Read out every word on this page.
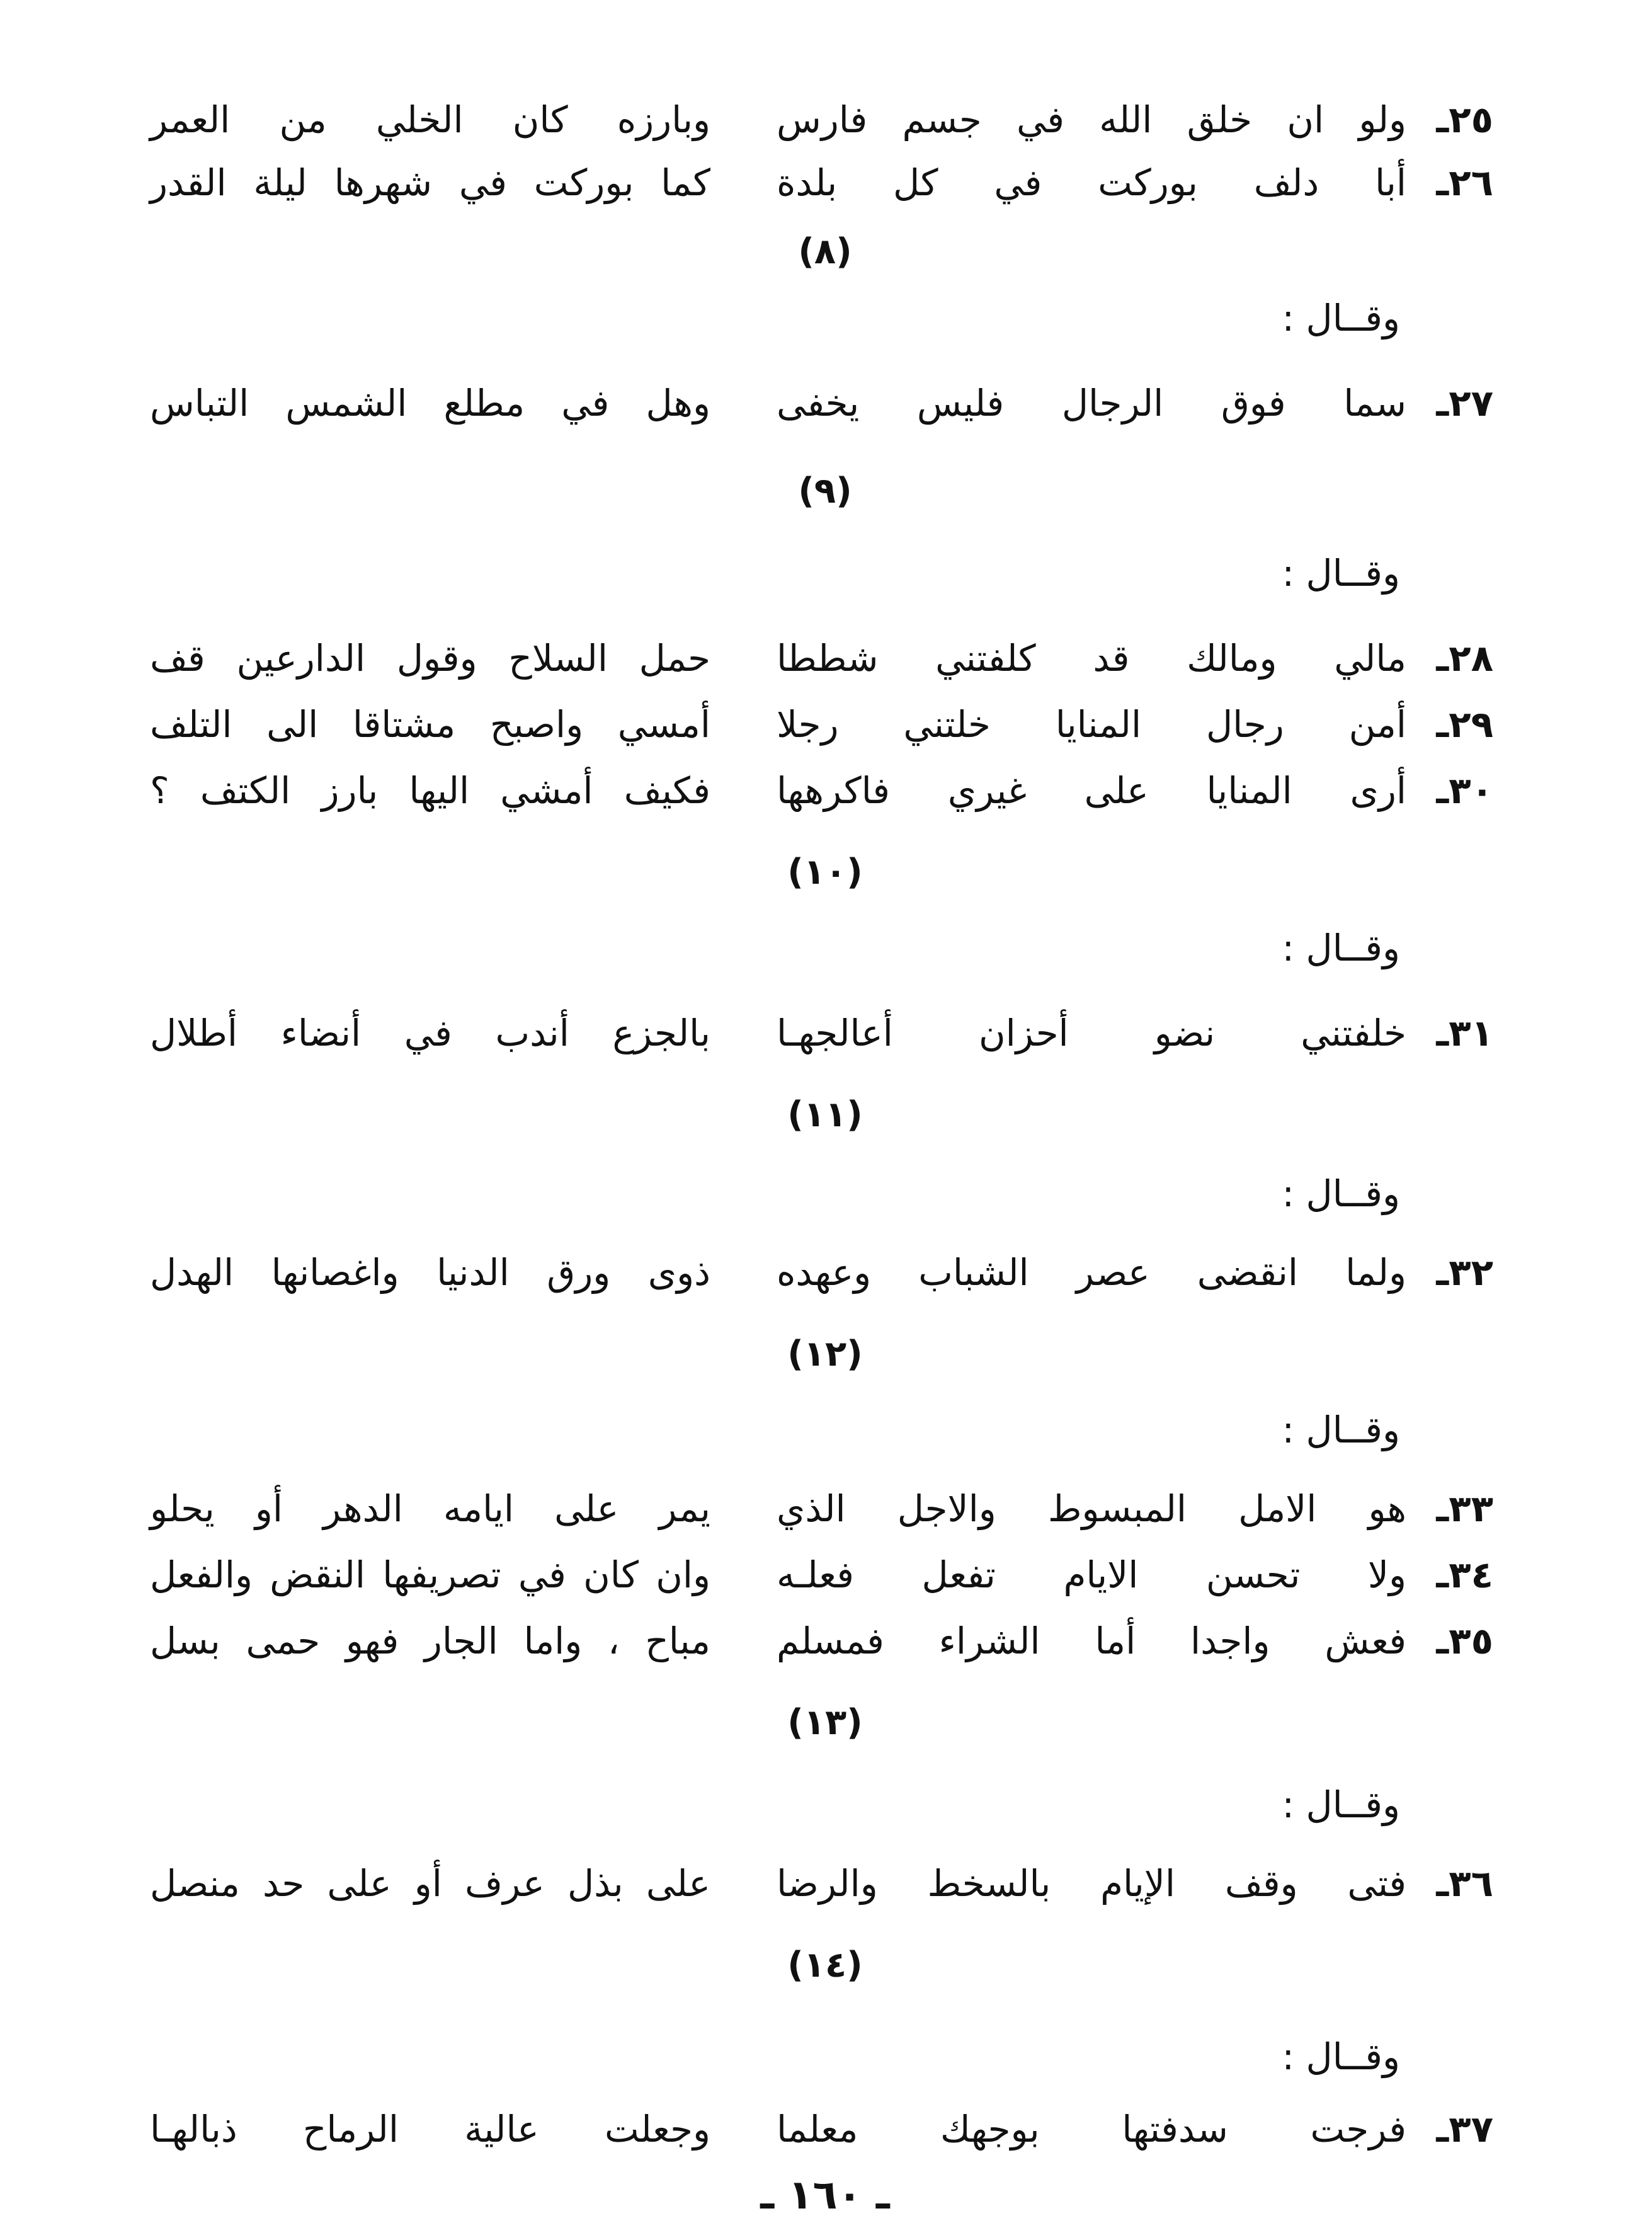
٢٥ـ
ولو ان خلق الله في جسم فارس
وبارزه كان الخلي من العمر
٢٦ـ
أبا دلف بوركت في كل بلدة
كما بوركت في شهرها ليلة القدر
(٨)
وقــال :
٢٧ـ
سما فوق الرجال فليس يخفى
وهل في مطلع الشمس التباس
(٩)
وقــال :
٢٨ـ
مالي ومالك قد كلفتني شططا
حمل السلاح وقول الدارعين قف
٢٩ـ
أمن رجال المنايا خلتني رجلا
أمسي واصبح مشتاقا الى التلف
٣٠ـ
أرى المنايا على غيري فاكرهها
فكيف أمشي اليها بارز الكتف ؟
(١٠)
وقــال :
٣١ـ
خلفتني نضو أحزان أعالجهـا
بالجزع أندب في أنضاء أطلال
(١١)
وقــال :
٣٢ـ
ولما انقضى عصر الشباب وعهده
ذوى ورق الدنيا واغصانها الهدل
(١٢)
وقــال :
٣٣ـ
هو الامل المبسوط والاجل الذي
يمر على ايامه الدهر أو يحلو
٣٤ـ
ولا تحسن الايام تفعل فعلـه
وان كان في تصريفها النقض والفعل
٣٥ـ
فعش واجدا أما الشراء فمسلم
مباح ، واما الجار فهو حمى بسل
(١٣)
وقــال :
٣٦ـ
فتى وقف الإيام بالسخط والرضا
على بذل عرف أو على حد منصل
(١٤)
وقــال :
٣٧ـ
فرجت سدفتها بوجهك معلما
وجعلت عالية الرماح ذبالهـا
ـ ١٦٠ ـ
